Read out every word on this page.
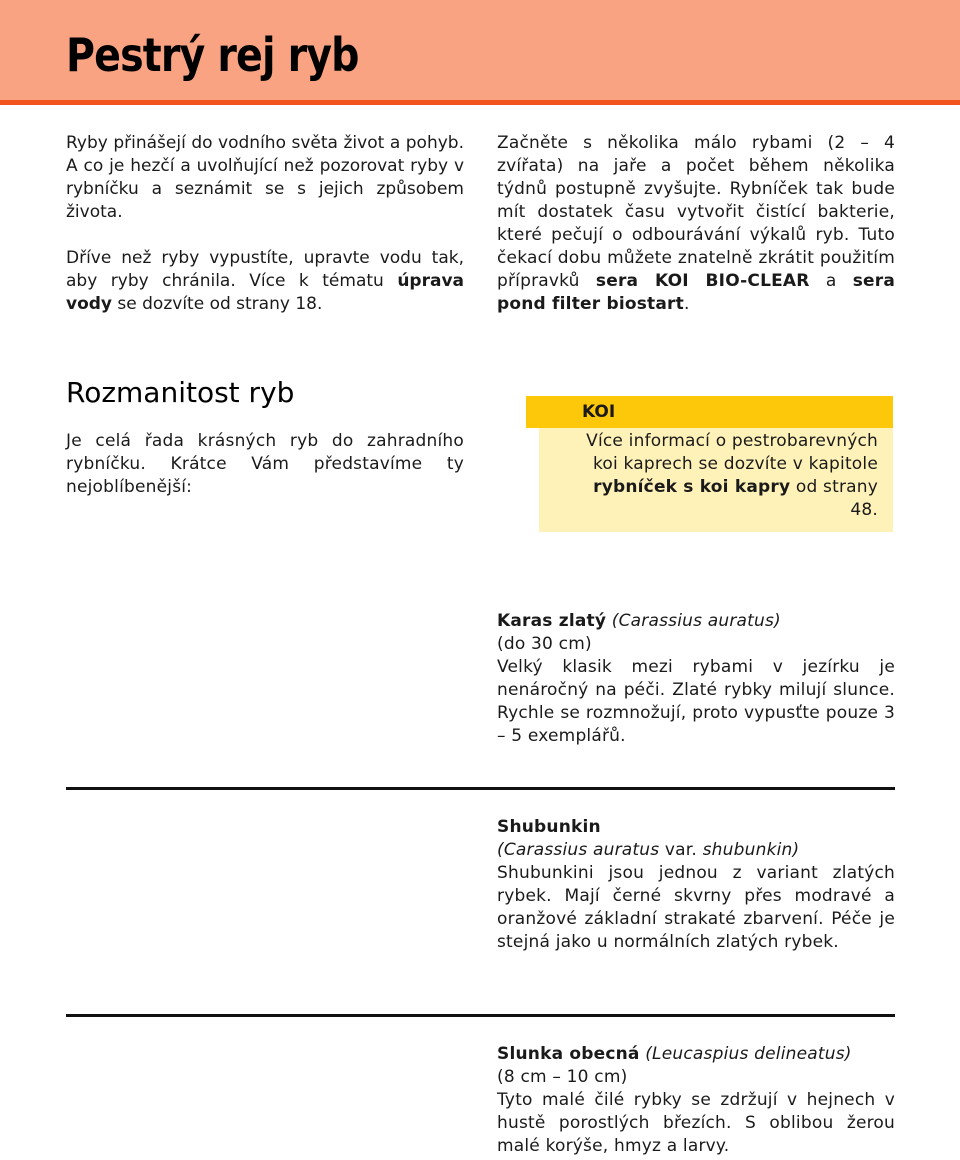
Pestrý rej ryb

Ryby přinášejí do vodního světa život a pohyb. A co je hezčí a uvolňující než pozorovat ryby v rybníčku a seznámit se s jejich způsobem života.

Dříve než ryby vypustíte, upravte vodu tak, aby ryby chránila. Více k tématu úprava vody se dozvíte od strany 18.

Začněte s několika málo rybami (2 – 4 zvířata) na jaře a počet během několika týdnů postupně zvyšujte. Rybníček tak bude mít dostatek času vytvořit čistící bakterie, které pečují o odbourávání výkalů ryb. Tuto čekací dobu můžete znatelně zkrátit použitím přípravků sera KOI BIO-CLEAR a sera pond filter biostart.

Rozmanitost ryb

Je celá řada krásných ryb do zahradního rybníčku. Krátce Vám představíme ty nejoblíbenější:

KOI
Více informací o pestrobarevných koi kaprech se dozvíte v kapitole rybníček s koi kapry od strany 48.

Karas zlatý (Carassius auratus)

(do 30 cm)

Velký klasik mezi rybami v jezírku je nenáročný na péči. Zlaté rybky milují slunce. Rychle se rozmnožují, proto vypusťte pouze 3 – 5 exemplářů.

Shubunkin

(Carassius auratus var. shubunkin)

Shubunkini jsou jednou z variant zlatých rybek. Mají černé skvrny přes modravé a oranžové základní strakaté zbarvení. Péče je stejná jako u normálních zlatých rybek.

Slunka obecná (Leucaspius delineatus)

(8 cm – 10 cm)

Tyto malé čilé rybky se zdržují v hejnech v hustě porostlých březích. S oblibou žerou malé korýše, hmyz a larvy.
